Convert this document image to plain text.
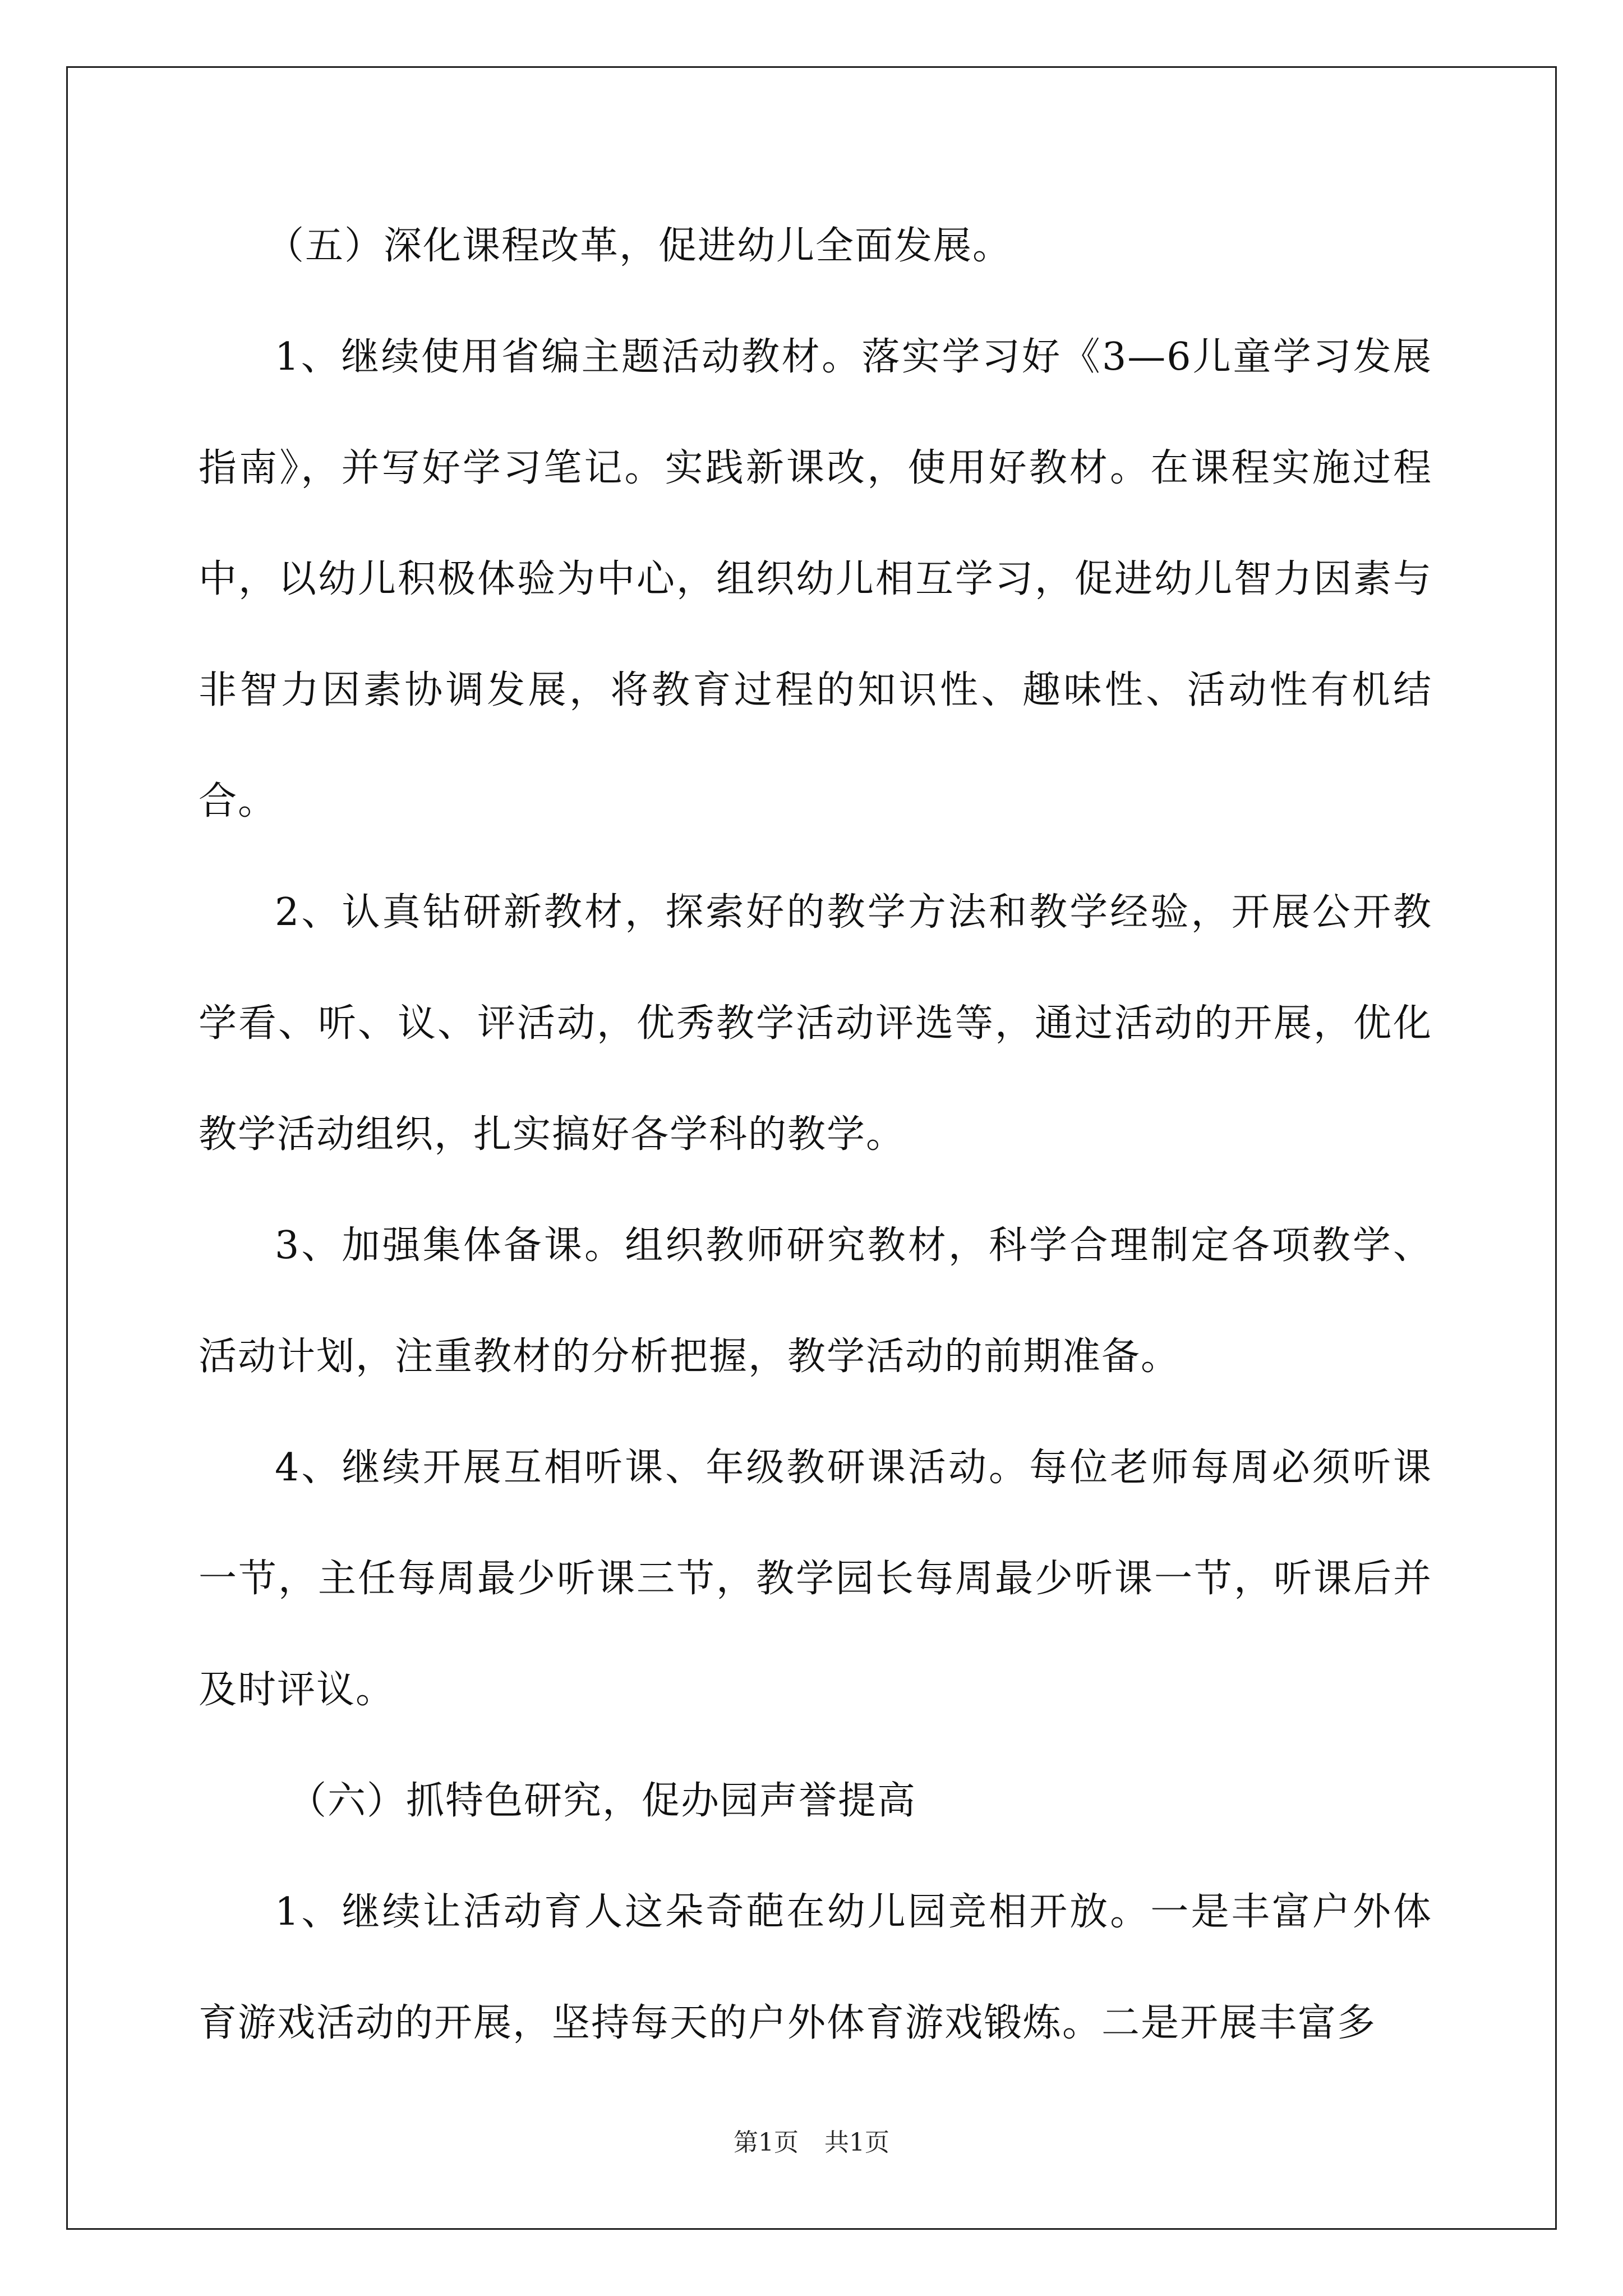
（五）深化课程改革，促进幼儿全面发展。

1、继续使用省编主题活动教材。落实学习好《3—6儿童学习发展指南》，并写好学习笔记。实践新课改，使用好教材。在课程实施过程中，以幼儿积极体验为中心，组织幼儿相互学习，促进幼儿智力因素与非智力因素协调发展，将教育过程的知识性、趣味性、活动性有机结合。

2、认真钻研新教材，探索好的教学方法和教学经验，开展公开教学看、听、议、评活动，优秀教学活动评选等，通过活动的开展，优化教学活动组织，扎实搞好各学科的教学。

3、加强集体备课。组织教师研究教材，科学合理制定各项教学、活动计划，注重教材的分析把握，教学活动的前期准备。

4、继续开展互相听课、年级教研课活动。每位老师每周必须听课一节，主任每周最少听课三节，教学园长每周最少听课一节，听课后并及时评议。

（六）抓特色研究，促办园声誉提高

1、继续让活动育人这朵奇葩在幼儿园竞相开放。一是丰富户外体育游戏活动的开展，坚持每天的户外体育游戏锻炼。二是开展丰富多

第1页 共1页
